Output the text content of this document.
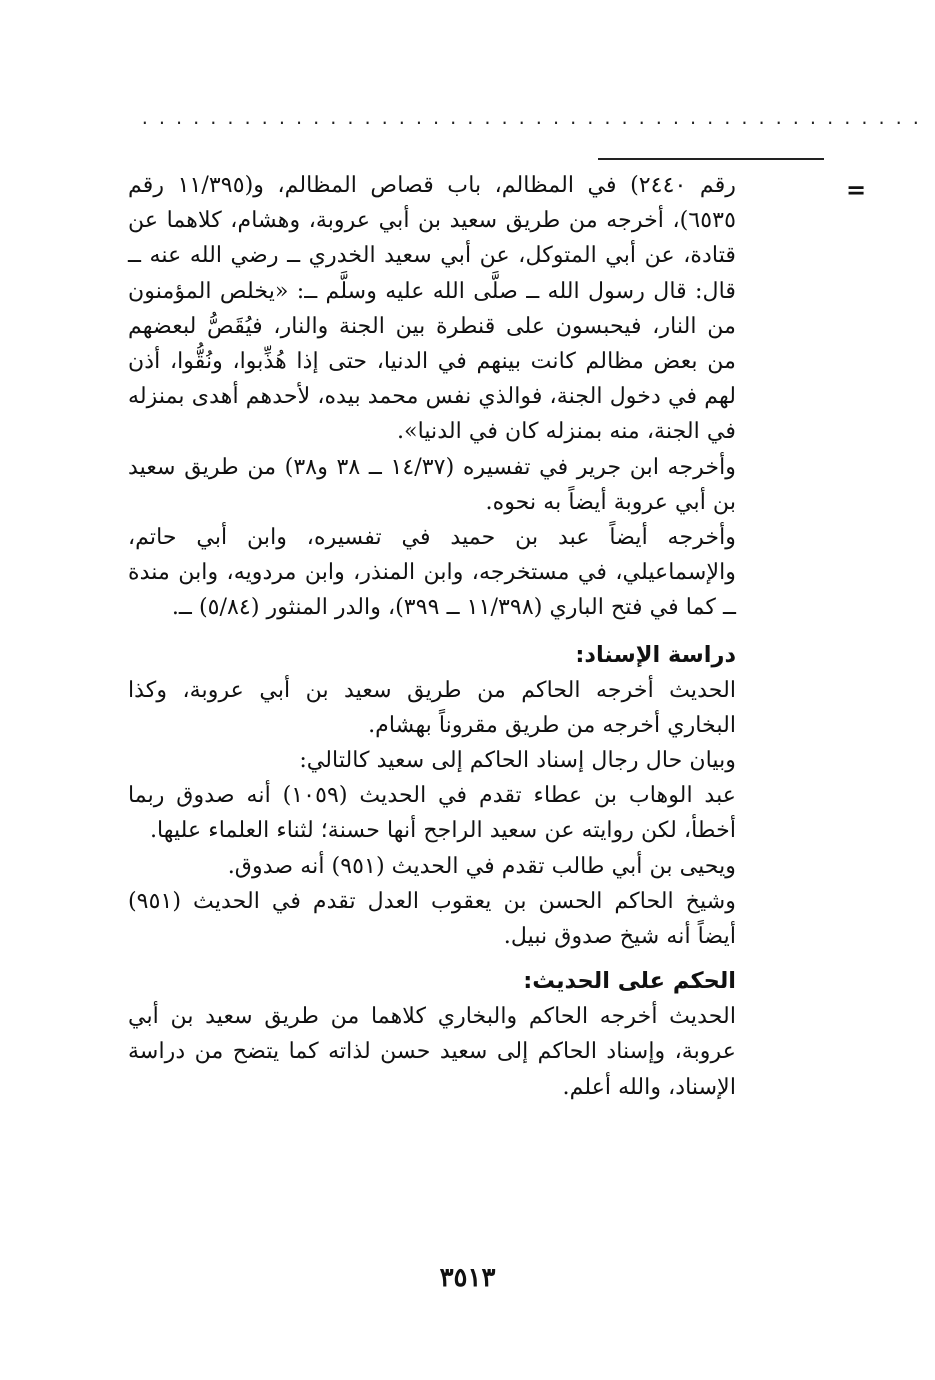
..............................................
=

رقم ٢٤٤٠) في المظالم، باب قصاص المظالم، و(١١/٣٩٥ رقم ٦٥٣٥)، أخرجه من طريق سعيد بن أبي عروبة، وهشام، كلاهما عن قتادة، عن أبي المتوكل، عن أبي سعيد الخدري ــ رضي الله عنه ــ قال: قال رسول الله ــ صلَّى الله عليه وسلَّم ــ: «يخلص المؤمنون من النار، فيحبسون على قنطرة بين الجنة والنار، فيُقَصُّ لبعضهم من بعض مظالم كانت بينهم في الدنيا، حتى إذا هُذِّبوا، ونُقُّوا، أذن لهم في دخول الجنة، فوالذي نفس محمد بيده، لأحدهم أهدى بمنزله في الجنة، منه بمنزله كان في الدنيا».

وأخرجه ابن جرير في تفسيره (١٤/٣٧ ــ ٣٨ و٣٨) من طريق سعيد بن أبي عروبة أيضاً به نحوه.

وأخرجه أيضاً عبد بن حميد في تفسيره، وابن أبي حاتم، والإسماعيلي، في مستخرجه، وابن المنذر، وابن مردويه، وابن مندة ــ كما في فتح الباري (١١/٣٩٨ ــ ٣٩٩)، والدر المنثور (٥/٨٤) ــ.

دراسة الإسناد:

الحديث أخرجه الحاكم من طريق سعيد بن أبي عروبة، وكذا البخاري أخرجه من طريق مقروناً بهشام.

وبيان حال رجال إسناد الحاكم إلى سعيد كالتالي:

عبد الوهاب بن عطاء تقدم في الحديث (١٠٥٩) أنه صدوق ربما أخطأ، لكن روايته عن سعيد الراجح أنها حسنة؛ لثناء العلماء عليها.

ويحيى بن أبي طالب تقدم في الحديث (٩٥١) أنه صدوق.

وشيخ الحاكم الحسن بن يعقوب العدل تقدم في الحديث (٩٥١) أيضاً أنه شيخ صدوق نبيل.

الحكم على الحديث:

الحديث أخرجه الحاكم والبخاري كلاهما من طريق سعيد بن أبي عروبة، وإسناد الحاكم إلى سعيد حسن لذاته كما يتضح من دراسة الإسناد، والله أعلم.

٣٥١٣
